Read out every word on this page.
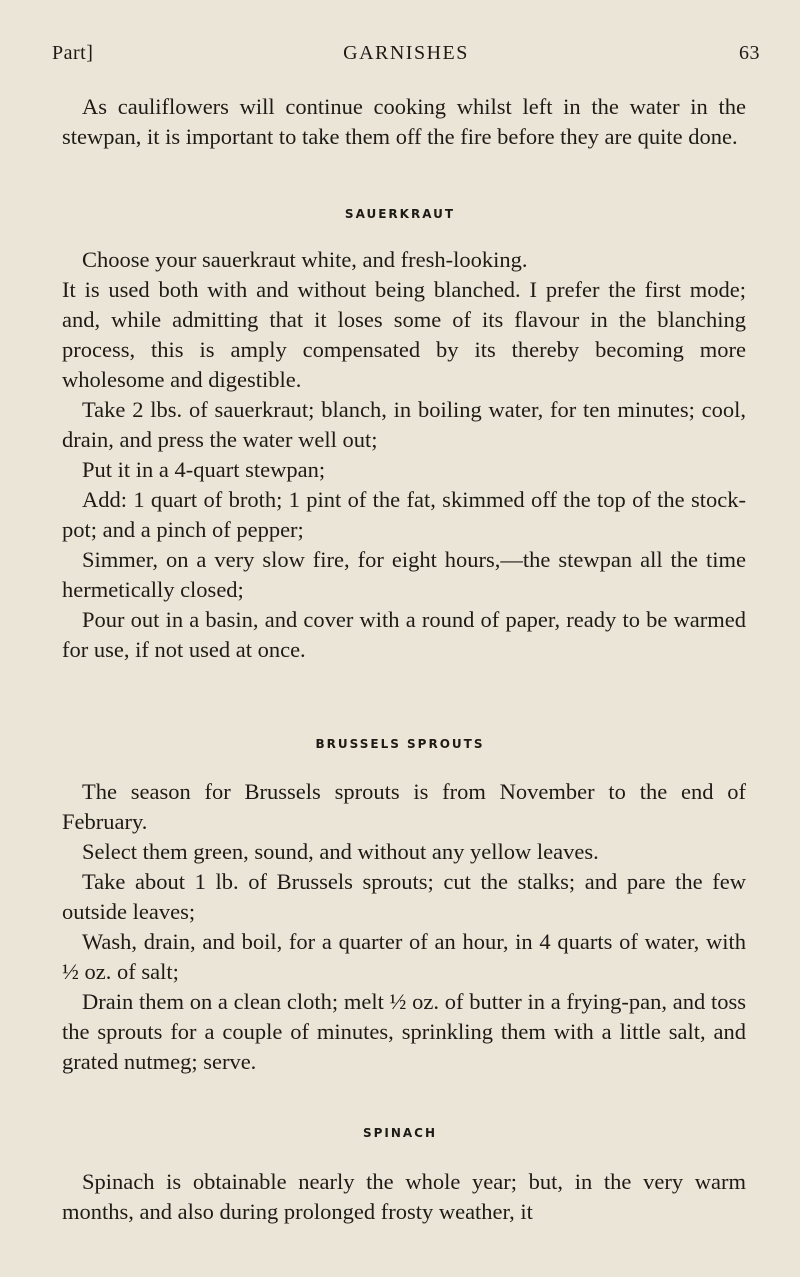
Part]	GARNISHES	63

As cauliflowers will continue cooking whilst left in the water in the stewpan, it is important to take them off the fire before they are quite done.

SAUERKRAUT

Choose your sauerkraut white, and fresh-looking.

It is used both with and without being blanched. I prefer the first mode; and, while admitting that it loses some of its flavour in the blanching process, this is amply compensated by its thereby becoming more wholesome and digestible.

Take 2 lbs. of sauerkraut; blanch, in boiling water, for ten minutes; cool, drain, and press the water well out;

Put it in a 4-quart stewpan;

Add: 1 quart of broth; 1 pint of the fat, skimmed off the top of the stock-pot; and a pinch of pepper;

Simmer, on a very slow fire, for eight hours,—the stewpan all the time hermetically closed;

Pour out in a basin, and cover with a round of paper, ready to be warmed for use, if not used at once.

BRUSSELS SPROUTS

The season for Brussels sprouts is from November to the end of February.

Select them green, sound, and without any yellow leaves.

Take about 1 lb. of Brussels sprouts; cut the stalks; and pare the few outside leaves;

Wash, drain, and boil, for a quarter of an hour, in 4 quarts of water, with ½ oz. of salt;

Drain them on a clean cloth; melt ½ oz. of butter in a frying-pan, and toss the sprouts for a couple of minutes, sprinkling them with a little salt, and grated nutmeg; serve.

SPINACH

Spinach is obtainable nearly the whole year; but, in the very warm months, and also during prolonged frosty weather, it
